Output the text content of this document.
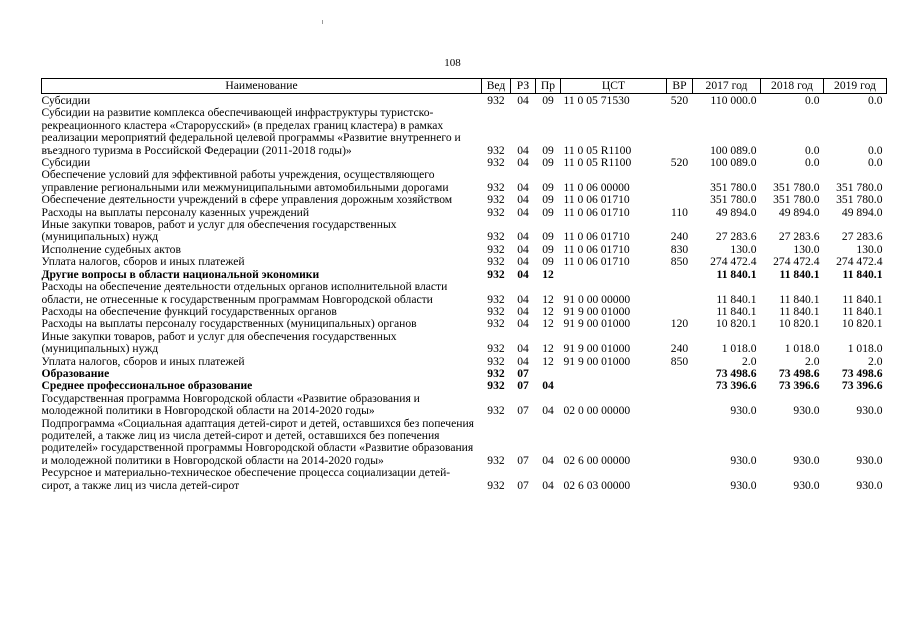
108
Наименование	Вед	РЗ	Пр	ЦСТ	ВР	2017 год	2018 год	2019 год
Субсидии	932	04	09	11 0 05 71530	520	110 000.0	0.0	0.0
Субсидии на развитие комплекса обеспечивающей инфраструктуры туристско-рекреационного кластера «Старорусский» (в пределах границ кластера) в рамках реализации мероприятий федеральной целевой программы «Развитие внутреннего и въездного туризма в Российской Федерации (2011-2018 годы)»	932	04	09	11 0 05 R1100		100 089.0	0.0	0.0
Субсидии	932	04	09	11 0 05 R1100	520	100 089.0	0.0	0.0
Обеспечение условий для эффективной работы учреждения, осуществляющего управление региональными или межмуниципальными автомобильными дорогами	932	04	09	11 0 06 00000		351 780.0	351 780.0	351 780.0
Обеспечение деятельности учреждений в сфере управления дорожным хозяйством	932	04	09	11 0 06 01710		351 780.0	351 780.0	351 780.0
Расходы на выплаты персоналу казенных учреждений	932	04	09	11 0 06 01710	110	49 894.0	49 894.0	49 894.0
Иные закупки товаров, работ и услуг для обеспечения государственных (муниципальных) нужд	932	04	09	11 0 06 01710	240	27 283.6	27 283.6	27 283.6
Исполнение судебных актов	932	04	09	11 0 06 01710	830	130.0	130.0	130.0
Уплата налогов, сборов и иных платежей	932	04	09	11 0 06 01710	850	274 472.4	274 472.4	274 472.4
Другие вопросы в области национальной экономики	932	04	12			11 840.1	11 840.1	11 840.1
Расходы на обеспечение деятельности отдельных органов исполнительной власти области, не отнесенные к государственным программам Новгородской области	932	04	12	91 0 00 00000		11 840.1	11 840.1	11 840.1
Расходы на обеспечение функций государственных органов	932	04	12	91 9 00 01000		11 840.1	11 840.1	11 840.1
Расходы на выплаты персоналу государственных (муниципальных) органов	932	04	12	91 9 00 01000	120	10 820.1	10 820.1	10 820.1
Иные закупки товаров, работ и услуг для обеспечения государственных (муниципальных) нужд	932	04	12	91 9 00 01000	240	1 018.0	1 018.0	1 018.0
Уплата налогов, сборов и иных платежей	932	04	12	91 9 00 01000	850	2.0	2.0	2.0
Образование	932	07				73 498.6	73 498.6	73 498.6
Среднее профессиональное образование	932	07	04			73 396.6	73 396.6	73 396.6
Государственная программа Новгородской области «Развитие образования и молодежной политики в Новгородской области на 2014-2020 годы»	932	07	04	02 0 00 00000		930.0	930.0	930.0
Подпрограмма «Социальная адаптация детей-сирот и детей, оставшихся без попечения родителей, а также лиц из числа детей-сирот и детей, оставшихся без попечения родителей» государственной программы Новгородской области «Развитие образования и молодежной политики в Новгородской области на 2014-2020 годы»	932	07	04	02 6 00 00000		930.0	930.0	930.0
Ресурсное и материально-техническое обеспечение процесса социализации детей-сирот, а также лиц из числа детей-сирот	932	07	04	02 6 03 00000		930.0	930.0	930.0
